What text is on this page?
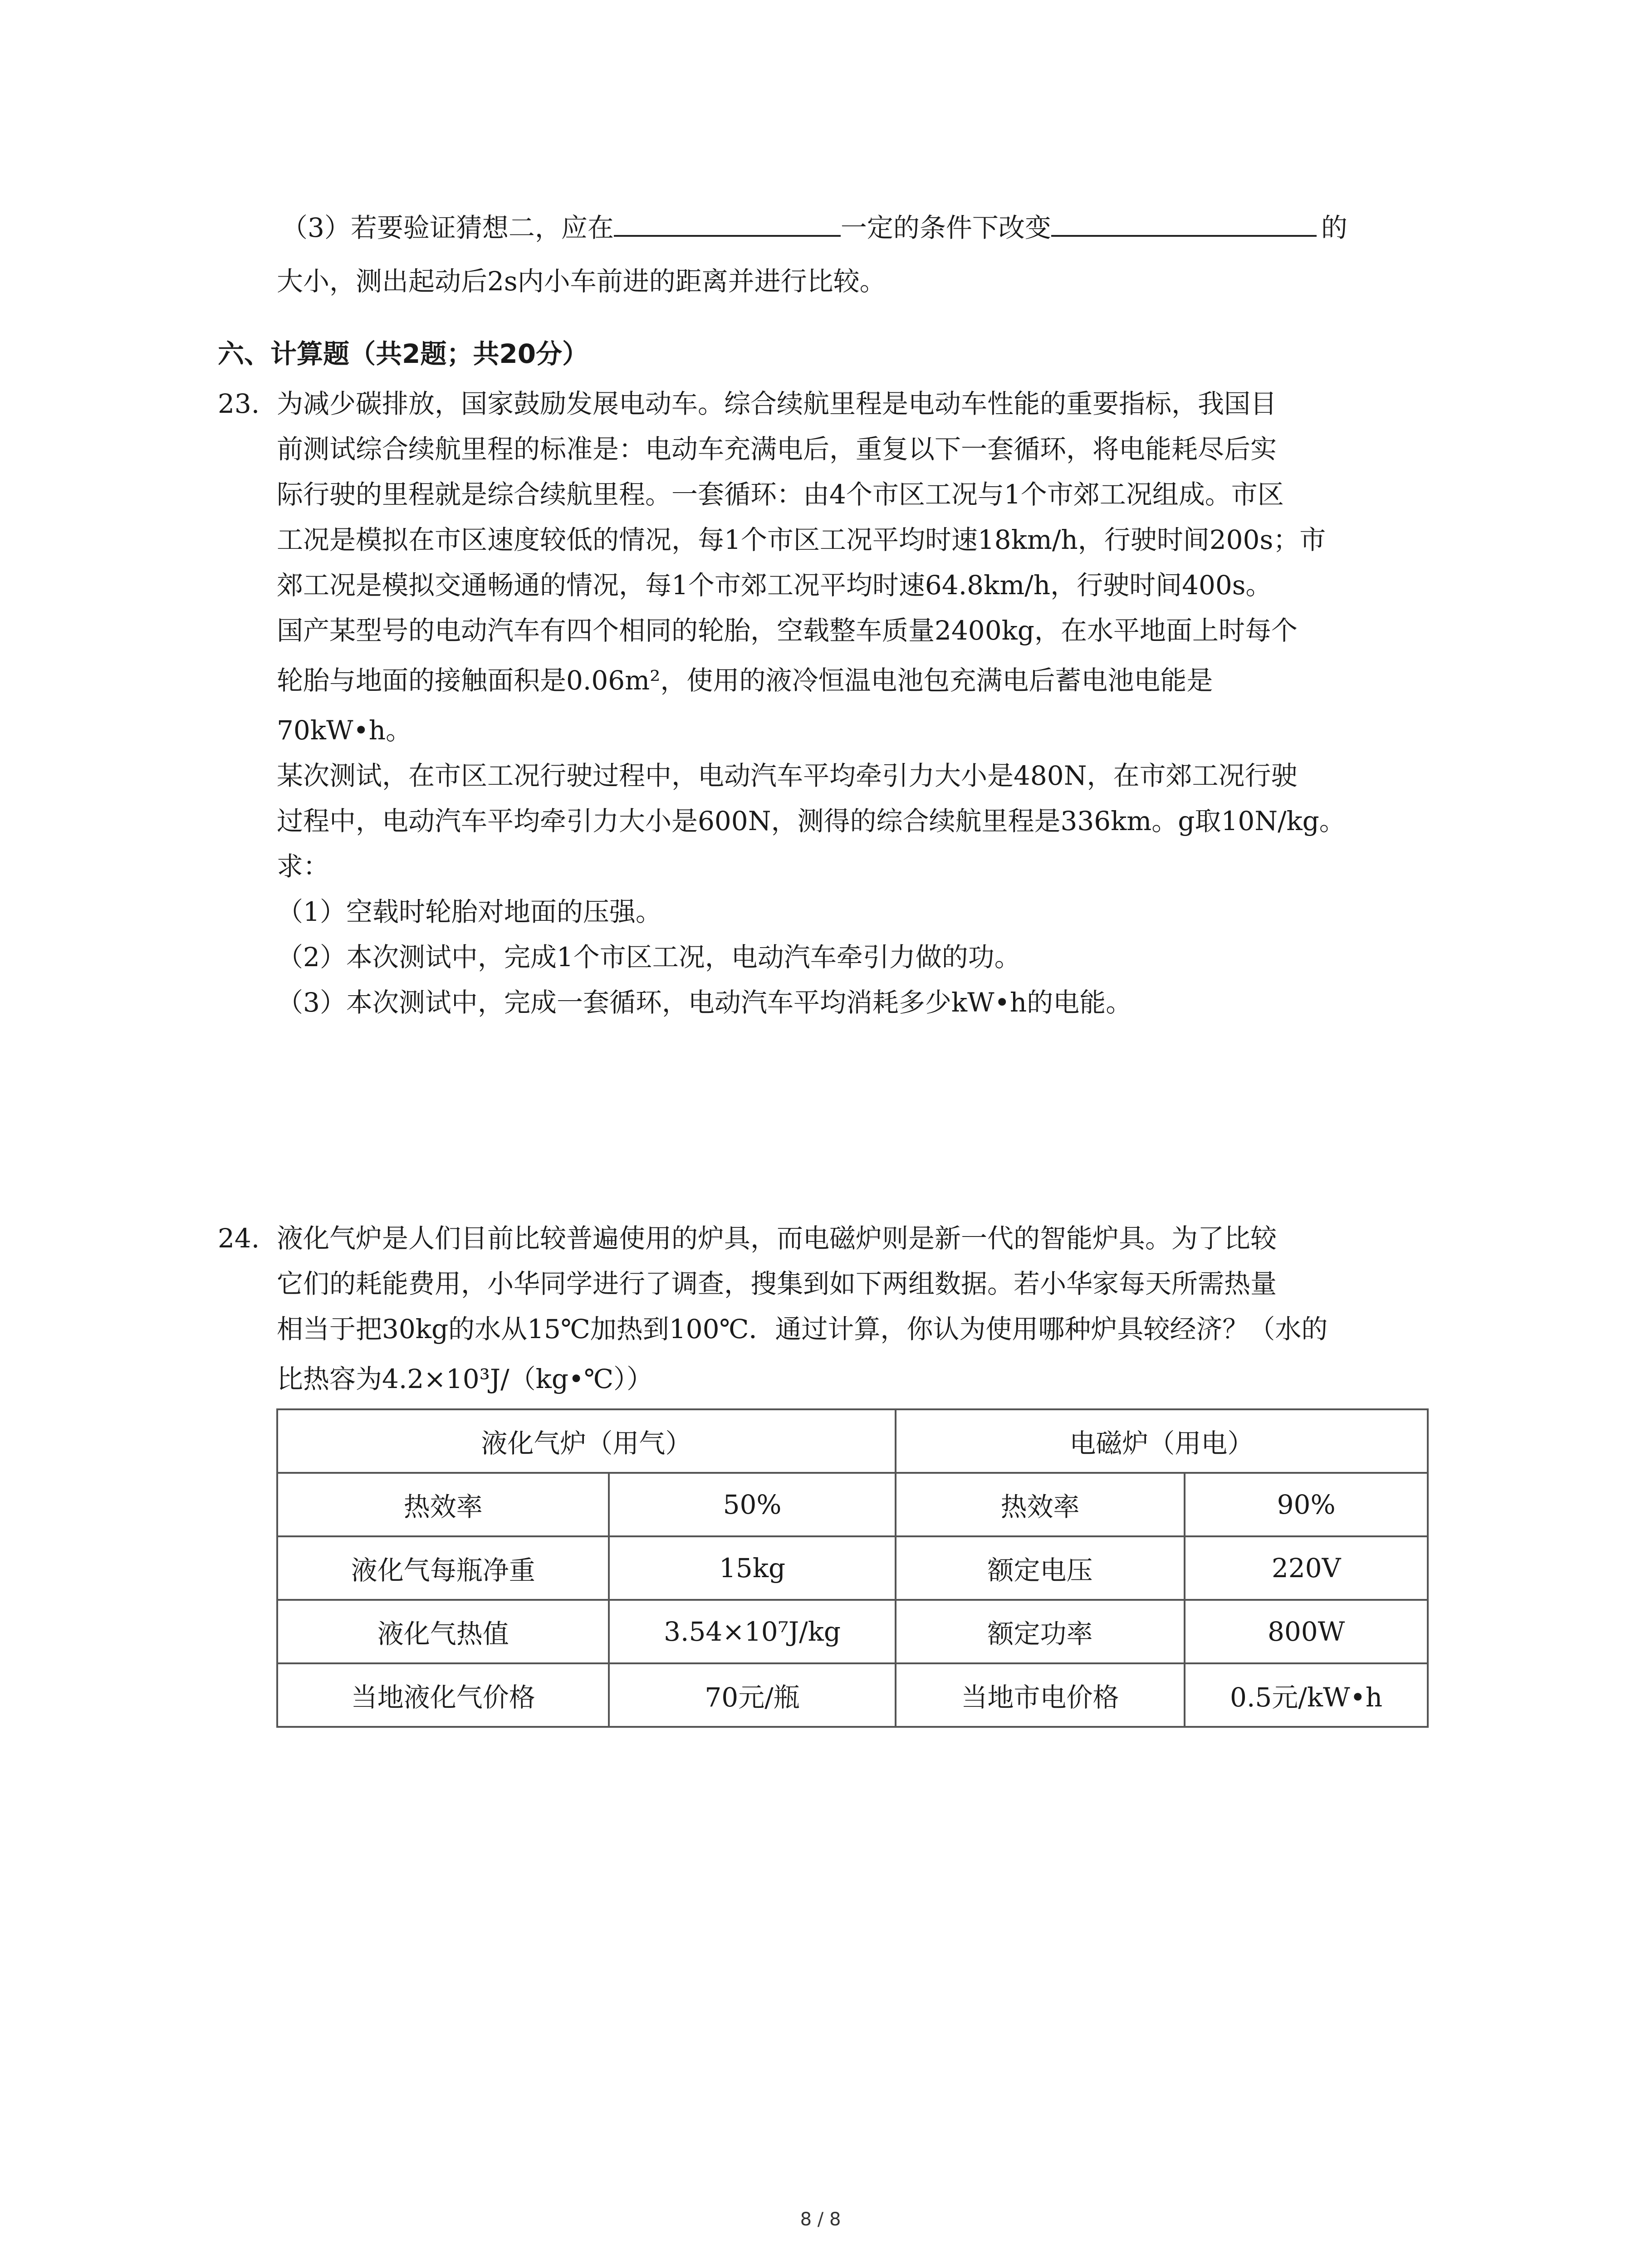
（3）若要验证猜想二，应在	一定的条件下改变	的
大小，测出起动后2s内小车前进的距离并进行比较。
六、计算题（共2题；共20分）
23. 为减少碳排放，国家鼓励发展电动车。综合续航里程是电动车性能的重要指标，我国目
前测试综合续航里程的标准是：电动车充满电后，重复以下一套循环，将电能耗尽后实
际行驶的里程就是综合续航里程。一套循环：由4个市区工况与1个市郊工况组成。市区
工况是模拟在市区速度较低的情况，每1个市区工况平均时速18km/h，行驶时间200s；市
郊工况是模拟交通畅通的情况，每1个市郊工况平均时速64.8km/h，行驶时间400s。
国产某型号的电动汽车有四个相同的轮胎，空载整车质量2400kg，在水平地面上时每个
轮胎与地面的接触面积是0.06m²，使用的液冷恒温电池包充满电后蓄电池电能是
70kW•h。
某次测试，在市区工况行驶过程中，电动汽车平均牵引力大小是480N，在市郊工况行驶
过程中，电动汽车平均牵引力大小是600N，测得的综合续航里程是336km。g取10N/kg。
求：
（1）空载时轮胎对地面的压强。
（2）本次测试中，完成1个市区工况，电动汽车牵引力做的功。
（3）本次测试中，完成一套循环，电动汽车平均消耗多少kW•h的电能。
24. 液化气炉是人们目前比较普遍使用的炉具，而电磁炉则是新一代的智能炉具。为了比较
它们的耗能费用，小华同学进行了调查，搜集到如下两组数据。若小华家每天所需热量
相当于把30kg的水从15℃加热到100℃．通过计算，你认为使用哪种炉具较经济？（水的
比热容为4.2×10³J/（kg•℃））
液化气炉（用气）		电磁炉（用电）	
热效率	50%	热效率	90%
液化气每瓶净重	15kg	额定电压	220V
液化气热值	3.54×10⁷J/kg	额定功率	800W
当地液化气价格	70元/瓶	当地市电价格	0.5元/kW•h
8 / 8
